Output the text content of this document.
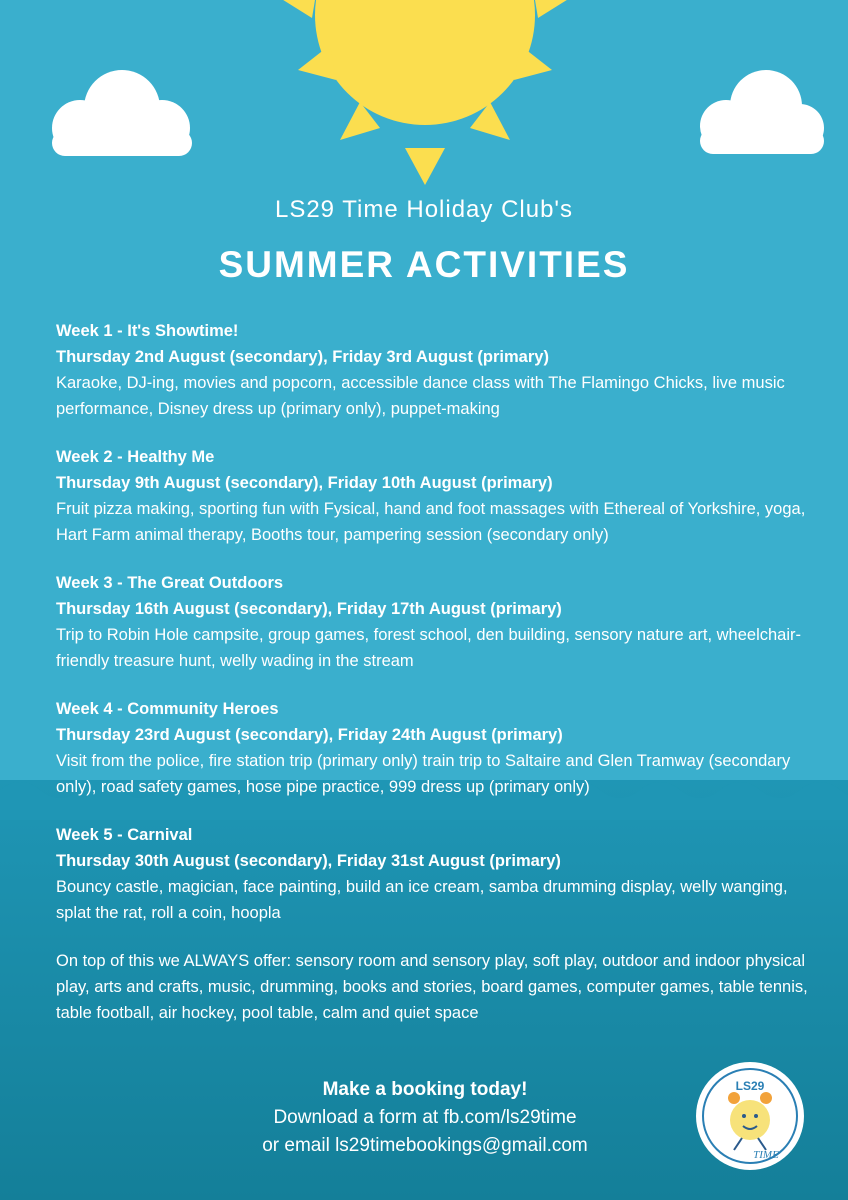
LS29 Time Holiday Club's
SUMMER ACTIVITIES
Week 1 - It's Showtime!
Thursday 2nd August (secondary), Friday 3rd August (primary)
Karaoke, DJ-ing, movies and popcorn, accessible dance class with The Flamingo Chicks, live music performance, Disney dress up (primary only), puppet-making
Week 2 - Healthy Me
Thursday 9th August (secondary), Friday 10th August (primary)
Fruit pizza making, sporting fun with Fysical, hand and foot massages with Ethereal of Yorkshire, yoga, Hart Farm animal therapy, Booths tour, pampering session (secondary only)
Week 3 - The Great Outdoors
Thursday 16th August (secondary), Friday 17th August (primary)
Trip to Robin Hole campsite, group games, forest school, den building, sensory nature art, wheelchair-friendly treasure hunt, welly wading in the stream
Week 4 - Community Heroes
Thursday 23rd August (secondary), Friday 24th August (primary)
Visit from the police, fire station trip (primary only) train trip to Saltaire and Glen Tramway (secondary only), road safety games, hose pipe practice, 999 dress up (primary only)
Week 5 - Carnival
Thursday 30th August (secondary), Friday 31st August (primary)
Bouncy castle, magician, face painting, build an ice cream, samba drumming display, welly wanging, splat the rat, roll a coin, hoopla
On top of this we ALWAYS offer: sensory room and sensory play, soft play, outdoor and indoor physical play, arts and crafts, music, drumming, books and stories, board games, computer games, table tennis, table football, air hockey, pool table, calm and quiet space
Make a booking today!
Download a form at fb.com/ls29time
or email ls29timebookings@gmail.com
LS29
TIME
